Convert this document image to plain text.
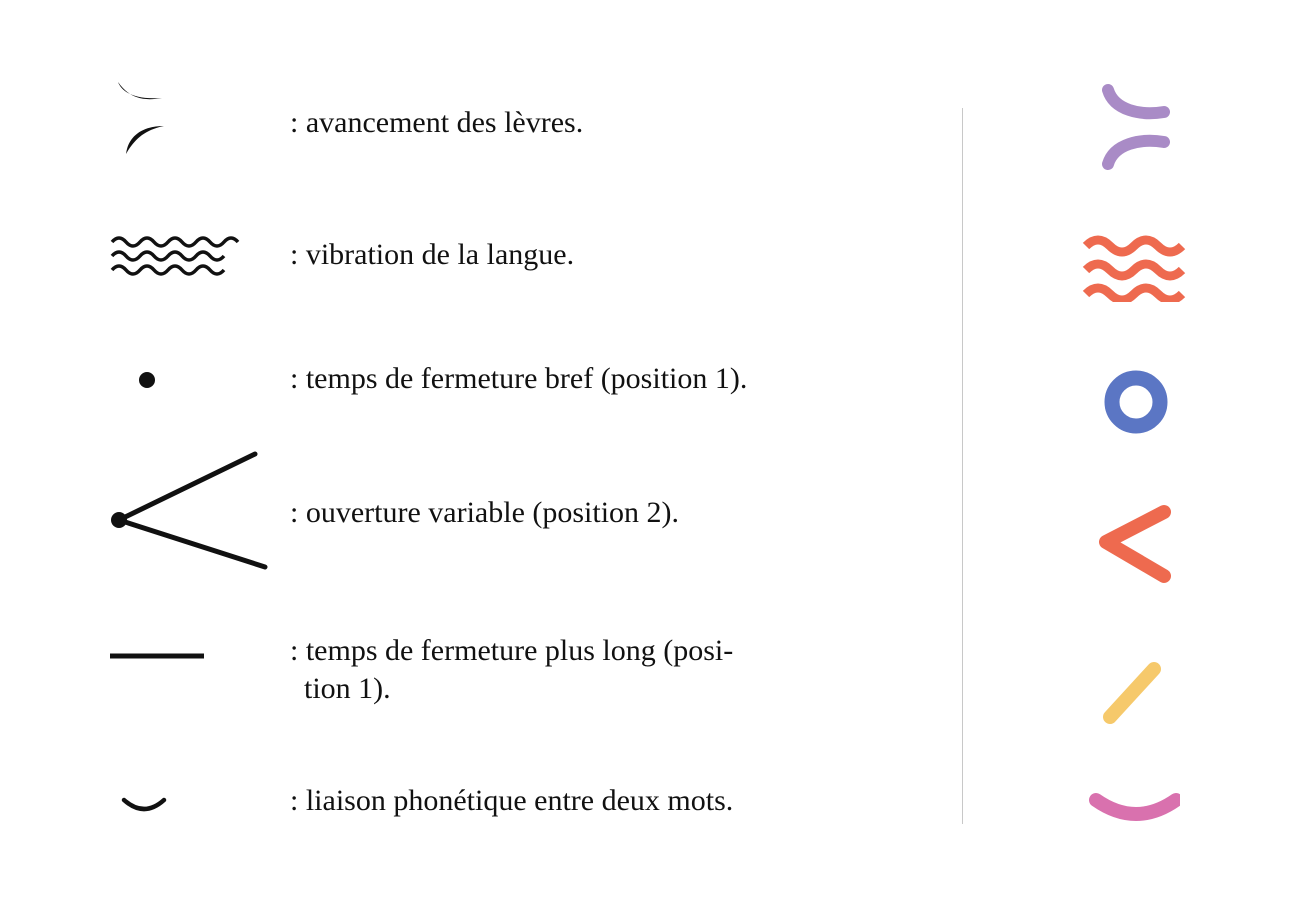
: avancement des lèvres.
: vibration de la langue.
: temps de fermeture bref (position 1).
: ouverture variable (position 2).
: temps de fermeture plus long (posi-
tion 1).
: liaison phonétique entre deux mots.
